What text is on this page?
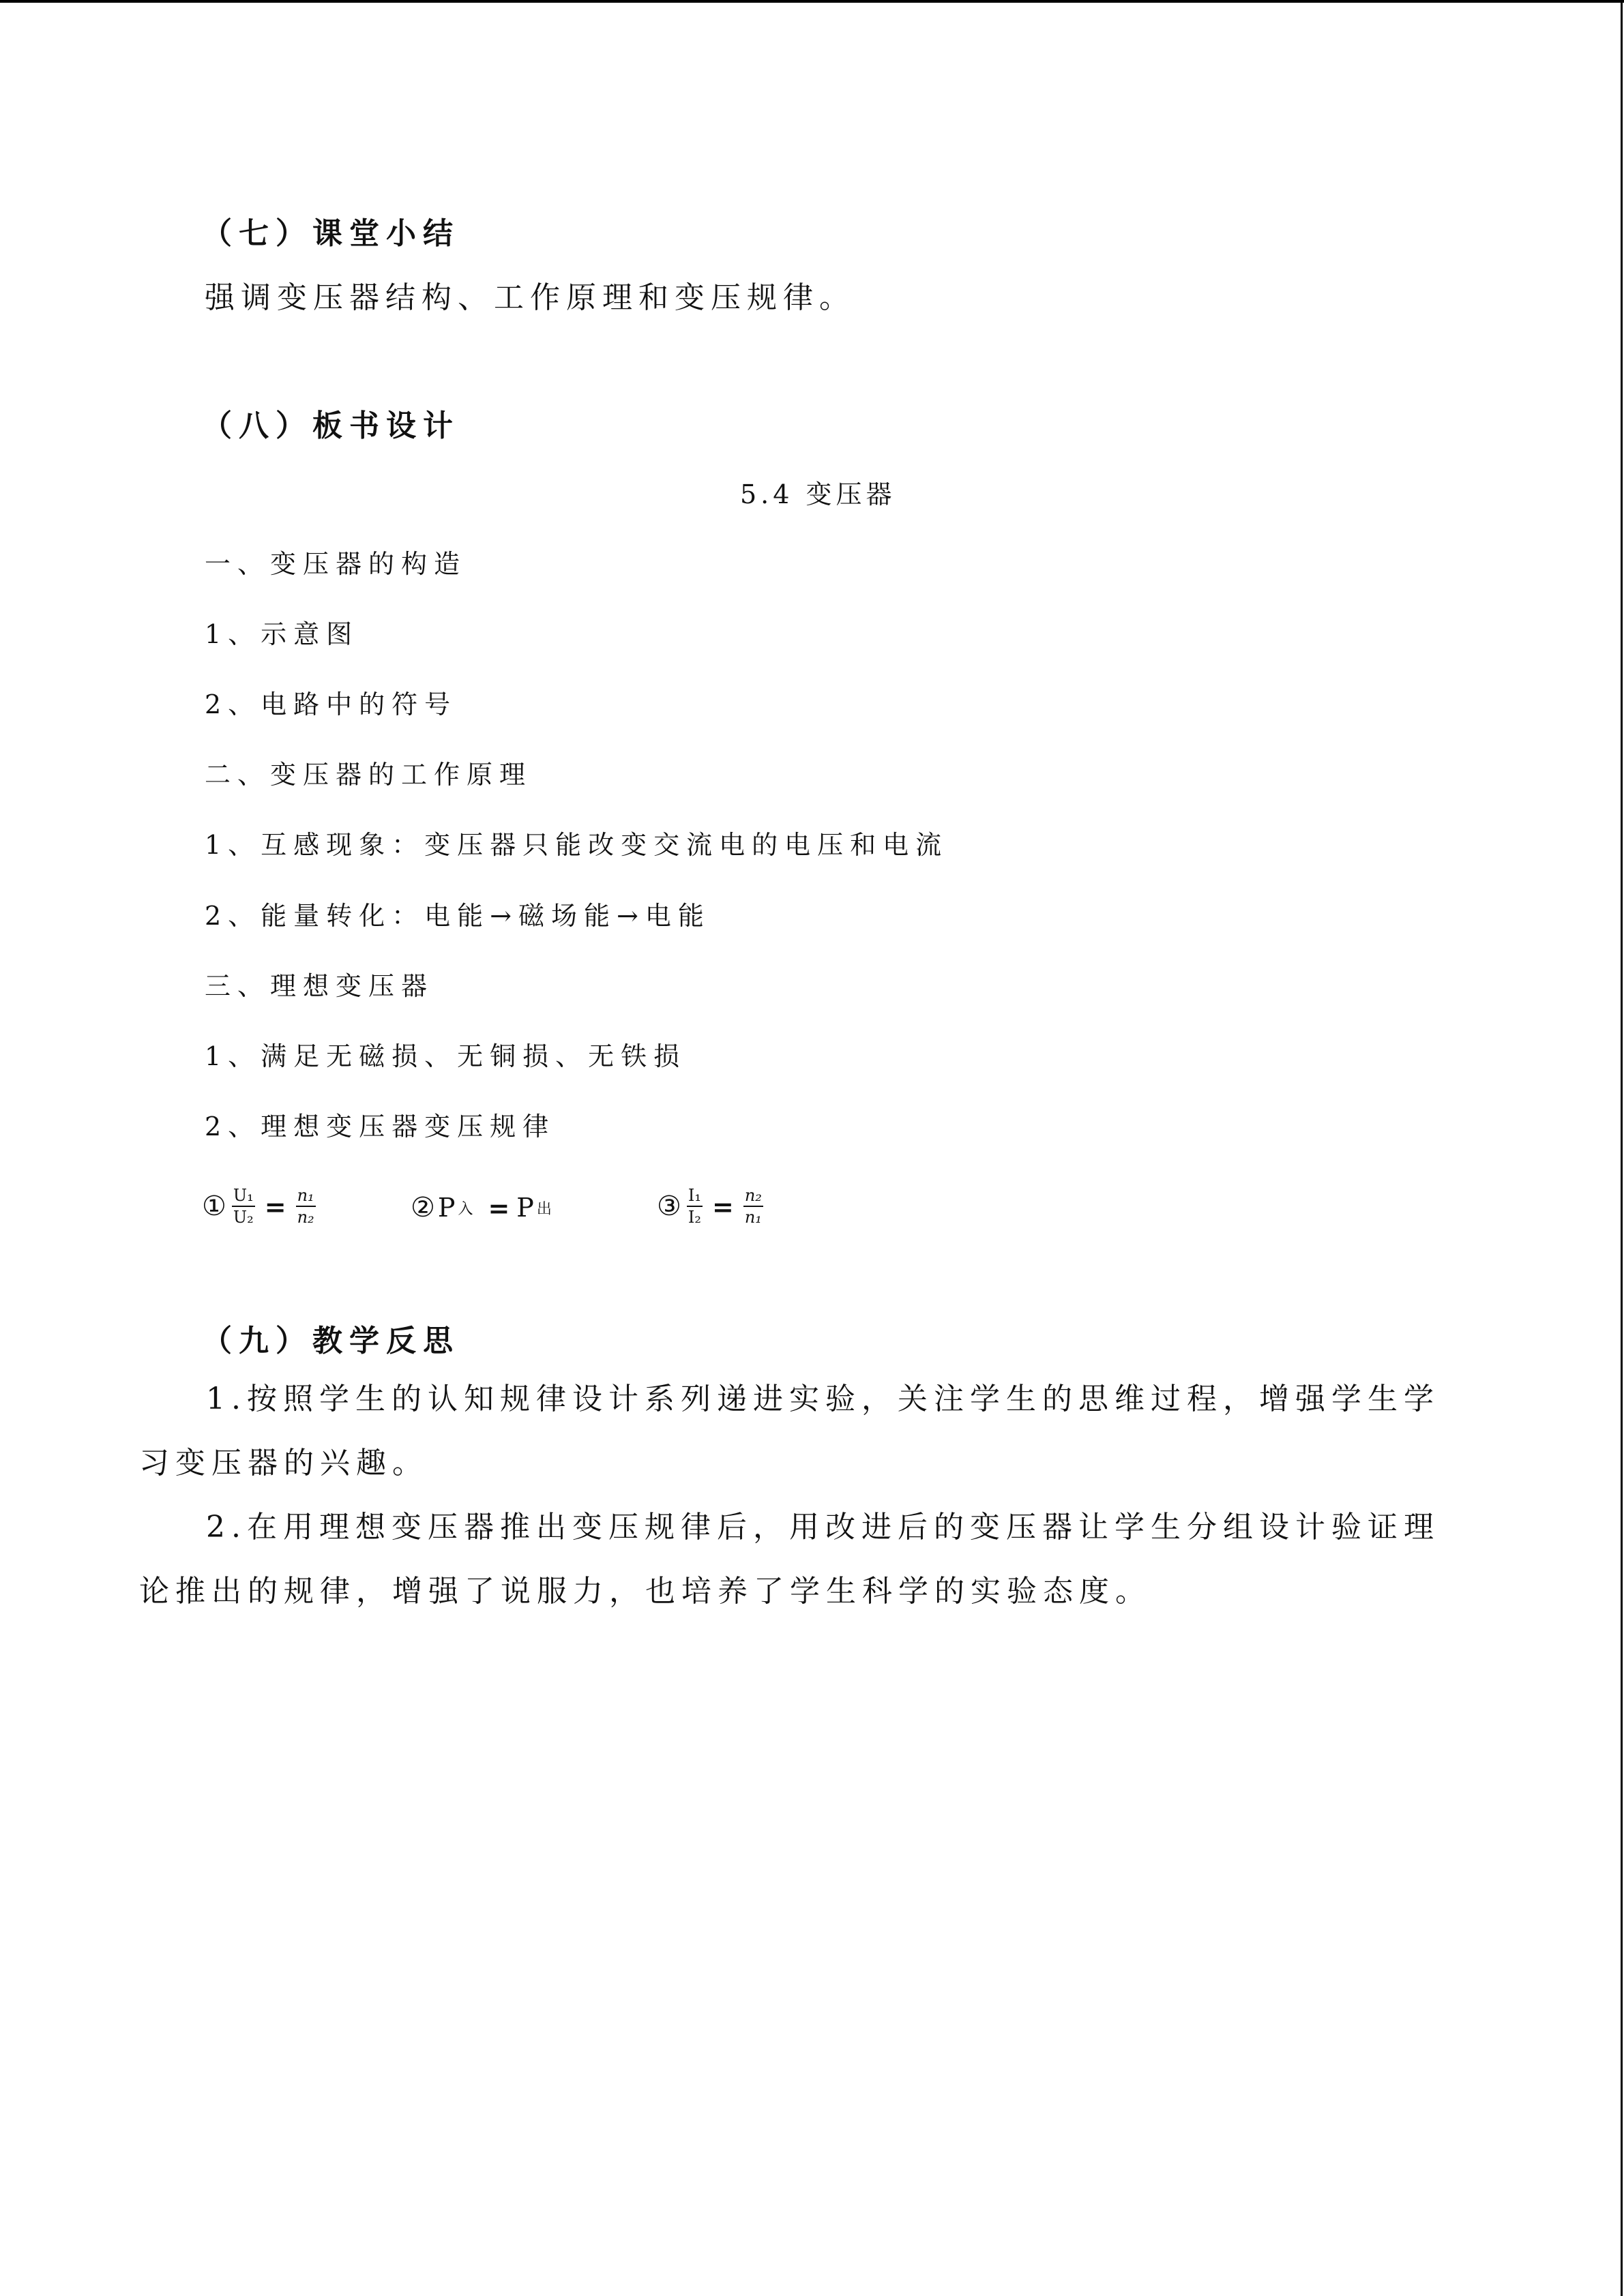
（七）课堂小结
强调变压器结构、工作原理和变压规律。
（八）板书设计
5.4 变压器
一、变压器的构造
1、示意图
2、电路中的符号
二、变压器的工作原理
1、互感现象：变压器只能改变交流电的电压和电流
2、能量转化：电能→磁场能→电能
三、理想变压器
1、满足无磁损、无铜损、无铁损
2、理想变压器变压规律
① $\frac{\text{U₁}}{\text{U₂}} = \frac{\text{n₁}}{\text{n₂}}$	② P 入 = P 出	③ $\frac{\text{I₁}}{\text{I₂}} = \frac{\text{n₂}}{\text{n₁}}$
（九）教学反思
1.按照学生的认知规律设计系列递进实验，关注学生的思维过程，增强学生学习变压器的兴趣。
2.在用理想变压器推出变压规律后，用改进后的变压器让学生分组设计验证理论推出的规律，增强了说服力，也培养了学生科学的实验态度。
